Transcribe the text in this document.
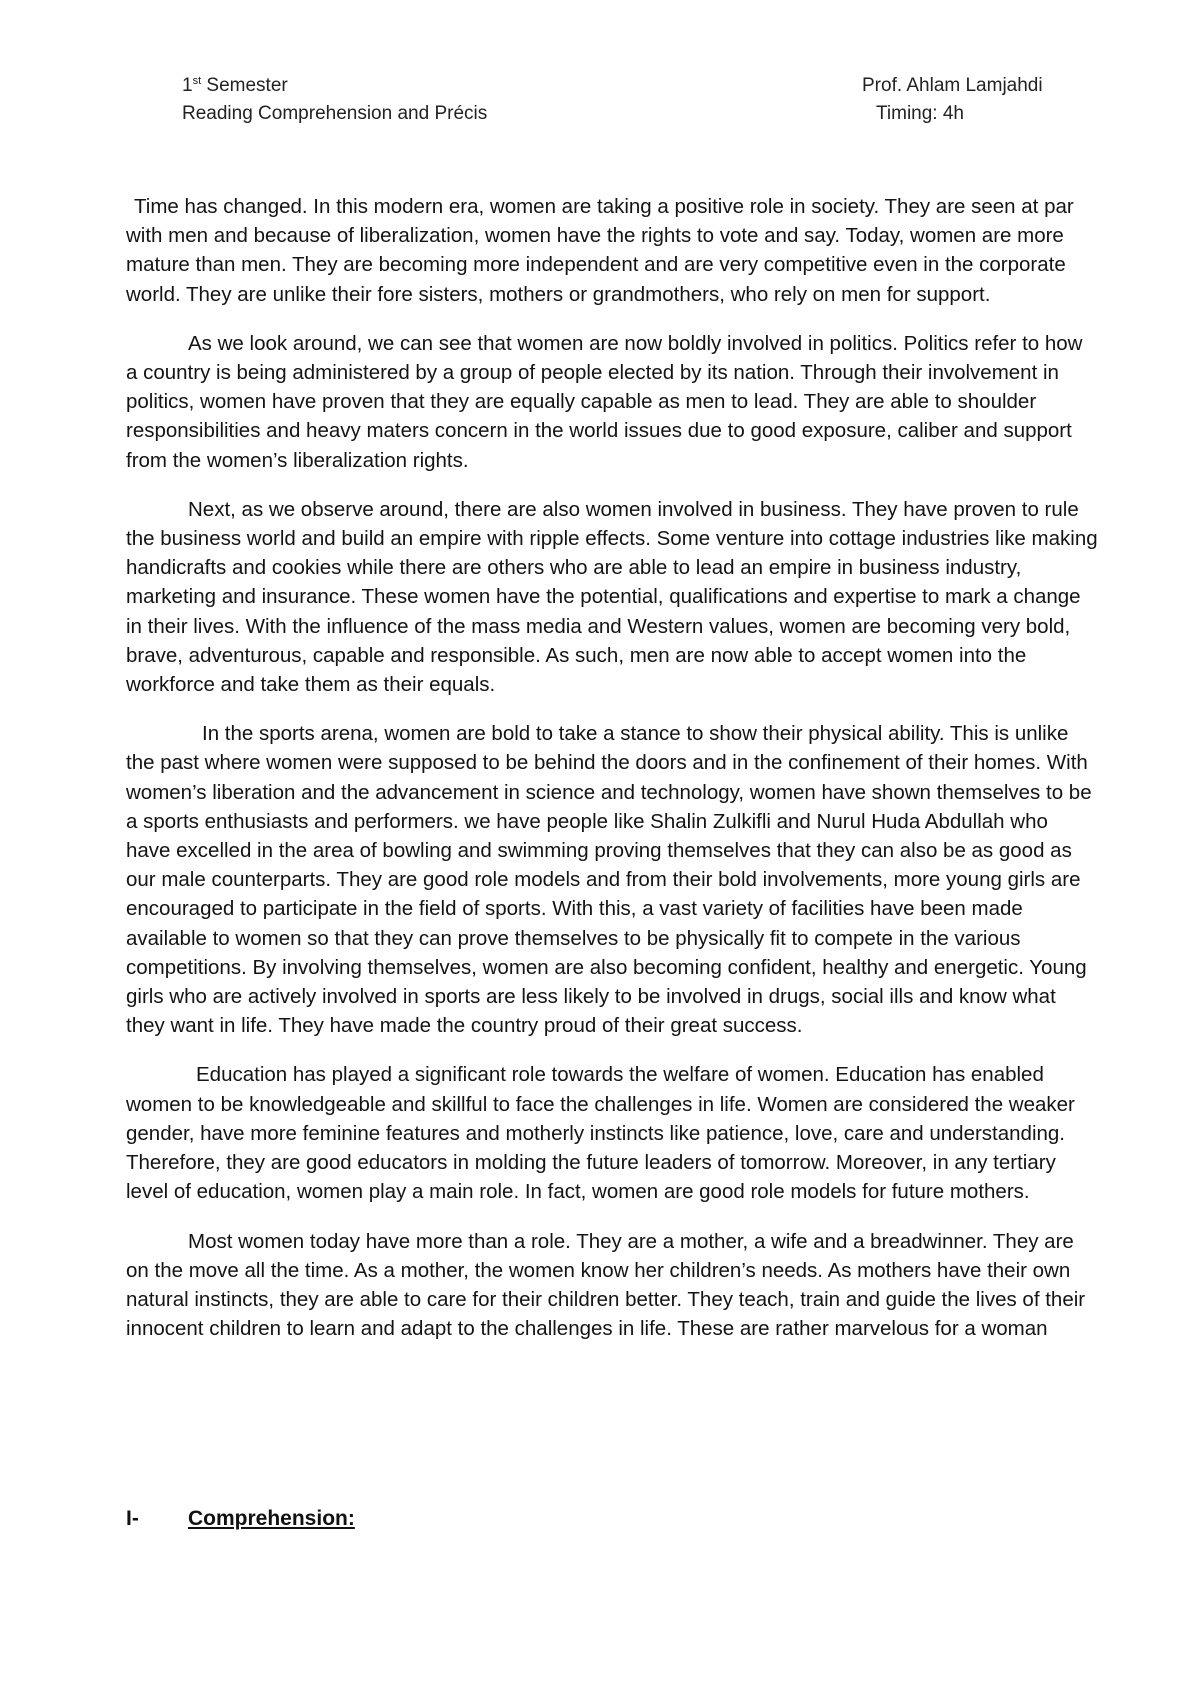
1st Semester
Reading Comprehension and Précis
Prof. Ahlam Lamjahdi
Timing: 4h

Time has changed. In this modern era, women are taking a positive role in society. They are seen at par with men and because of liberalization, women have the rights to vote and say. Today, women are more mature than men. They are becoming more independent and are very competitive even in the corporate world. They are unlike their fore sisters, mothers or grandmothers, who rely on men for support.

As we look around, we can see that women are now boldly involved in politics. Politics refer to how a country is being administered by a group of people elected by its nation. Through their involvement in politics, women have proven that they are equally capable as men to lead. They are able to shoulder responsibilities and heavy maters concern in the world issues due to good exposure, caliber and support from the women’s liberalization rights.

Next, as we observe around, there are also women involved in business. They have proven to rule the business world and build an empire with ripple effects. Some venture into cottage industries like making handicrafts and cookies while there are others who are able to lead an empire in business industry, marketing and insurance. These women have the potential, qualifications and expertise to mark a change in their lives. With the influence of the mass media and Western values, women are becoming very bold, brave, adventurous, capable and responsible. As such, men are now able to accept women into the workforce and take them as their equals.

In the sports arena, women are bold to take a stance to show their physical ability. This is unlike the past where women were supposed to be behind the doors and in the confinement of their homes. With women’s liberation and the advancement in science and technology, women have shown themselves to be a sports enthusiasts and performers. we have people like Shalin Zulkifli and Nurul Huda Abdullah who have excelled in the area of bowling and swimming proving themselves that they can also be as good as our male counterparts. They are good role models and from their bold involvements, more young girls are encouraged to participate in the field of sports. With this, a vast variety of facilities have been made available to women so that they can prove themselves to be physically fit to compete in the various competitions. By involving themselves, women are also becoming confident, healthy and energetic. Young girls who are actively involved in sports are less likely to be involved in drugs, social ills and know what they want in life. They have made the country proud of their great success.

Education has played a significant role towards the welfare of women. Education has enabled women to be knowledgeable and skillful to face the challenges in life. Women are considered the weaker gender, have more feminine features and motherly instincts like patience, love, care and understanding. Therefore, they are good educators in molding the future leaders of tomorrow. Moreover, in any tertiary level of education, women play a main role. In fact, women are good role models for future mothers.

Most women today have more than a role. They are a mother, a wife and a breadwinner. They are on the move all the time. As a mother, the women know her children’s needs. As mothers have their own natural instincts, they are able to care for their children better. They teach, train and guide the lives of their innocent children to learn and adapt to the challenges in life. These are rather marvelous for a woman

I- Comprehension:
